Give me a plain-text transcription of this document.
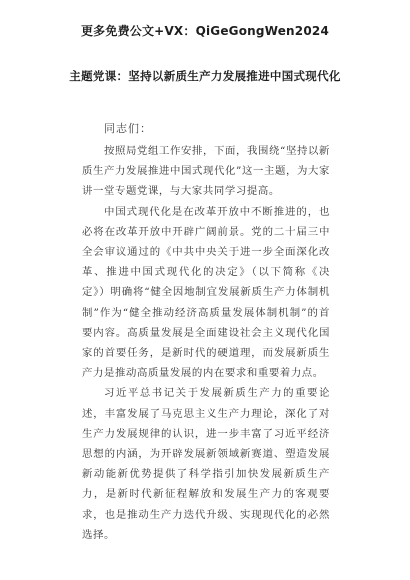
更多免费公文+VX：QiGeGongWen2024
主题党课：坚持以新质生产力发展推进中国式现代化
同志们：

按照局党组工作安排，下面，我围绕“坚持以新质生产力发展推进中国式现代化”这一主题，为大家讲一堂专题党课，与大家共同学习提高。

中国式现代化是在改革开放中不断推进的，也必将在改革开放中开辟广阔前景。党的二十届三中全会审议通过的《中共中央关于进一步全面深化改革、推进中国式现代化的决定》（以下简称《决定》）明确将“健全因地制宜发展新质生产力体制机制”作为“健全推动经济高质量发展体制机制”的首要内容。高质量发展是全面建设社会主义现代化国家的首要任务，是新时代的硬道理，而发展新质生产力是推动高质量发展的内在要求和重要着力点。

习近平总书记关于发展新质生产力的重要论述，丰富发展了马克思主义生产力理论，深化了对生产力发展规律的认识，进一步丰富了习近平经济思想的内涵，为开辟发展新领域新赛道、塑造发展新动能新优势提供了科学指引加快发展新质生产力，是新时代新征程解放和发展生产力的客观要求，也是推动生产力迭代升级、实现现代化的必然选择。
